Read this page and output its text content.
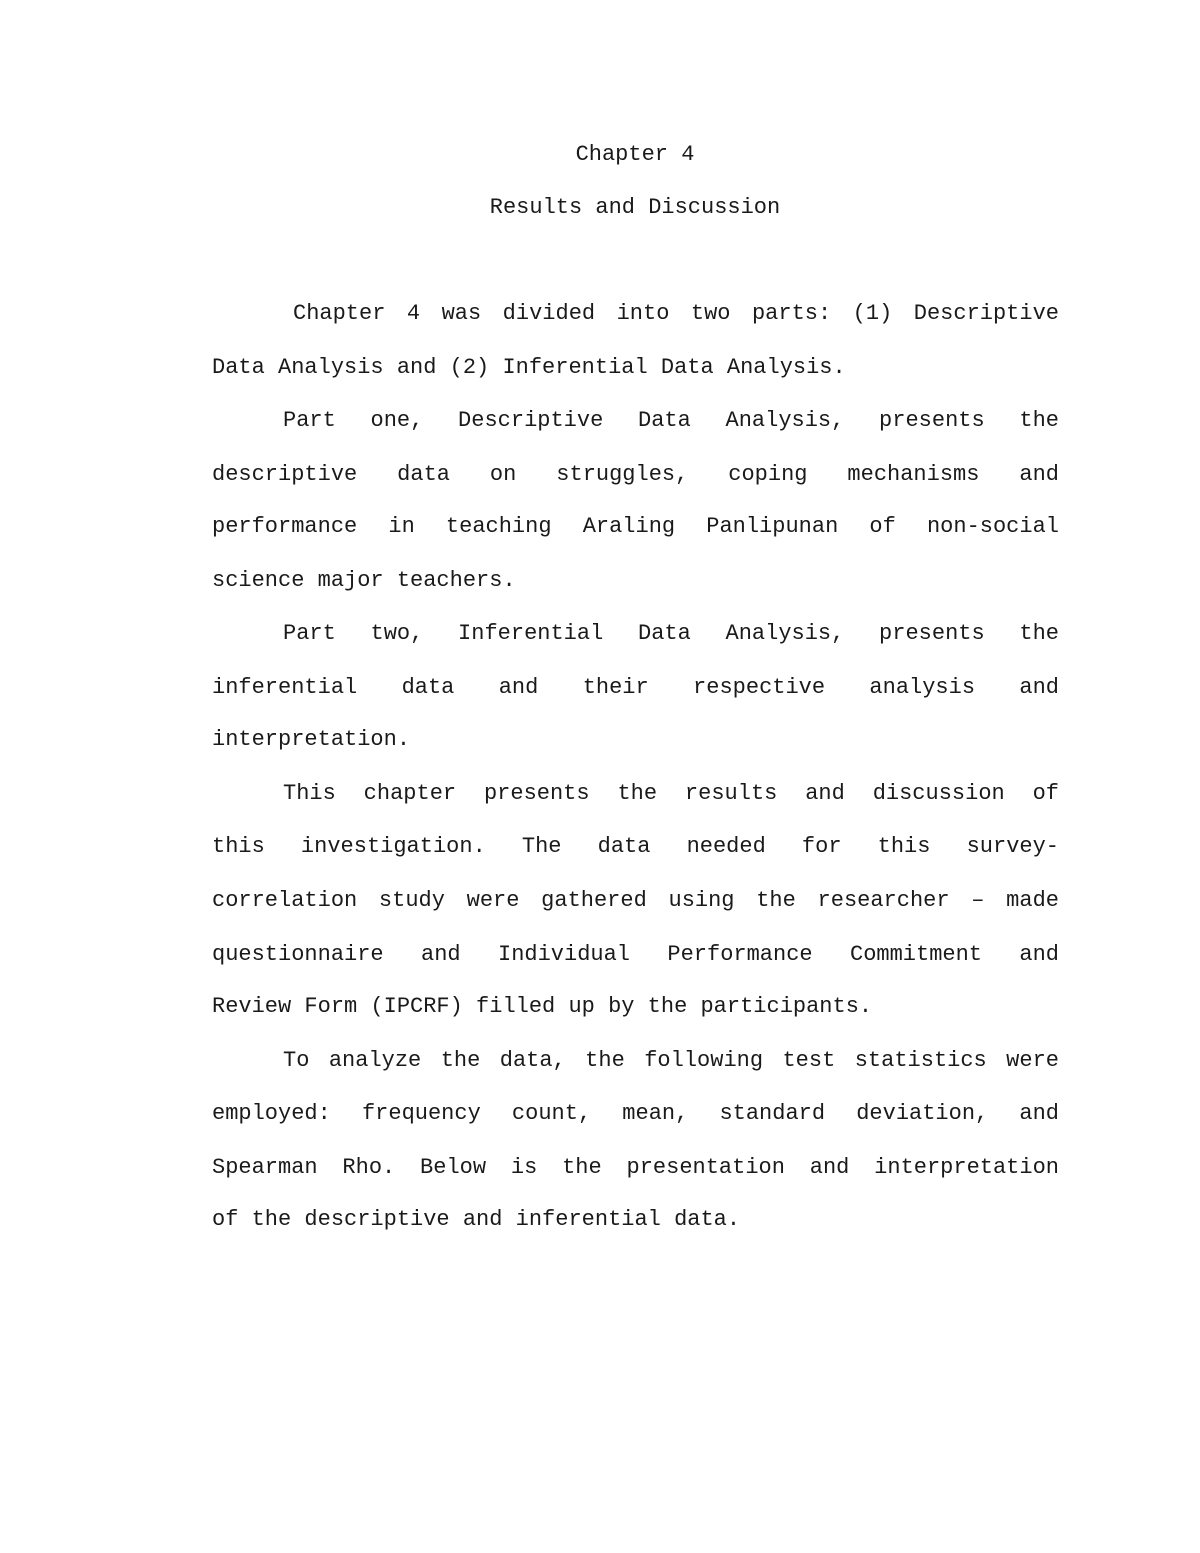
Chapter 4
Results and Discussion

Chapter 4 was divided into two parts: (1) Descriptive

Data Analysis and (2) Inferential Data Analysis.

Part one, Descriptive Data Analysis, presents the

descriptive data on struggles, coping mechanisms and

performance in teaching Araling Panlipunan of non-social

science major teachers.

Part two, Inferential Data Analysis, presents the

inferential data and their respective analysis and

interpretation.

This chapter presents the results and discussion of

this investigation. The data needed for this survey-

correlation study were gathered using the researcher – made

questionnaire and Individual Performance Commitment and

Review Form (IPCRF) filled up by the participants.

To analyze the data, the following test statistics were

employed: frequency count, mean, standard deviation, and

Spearman Rho. Below is the presentation and interpretation

of the descriptive and inferential data.
